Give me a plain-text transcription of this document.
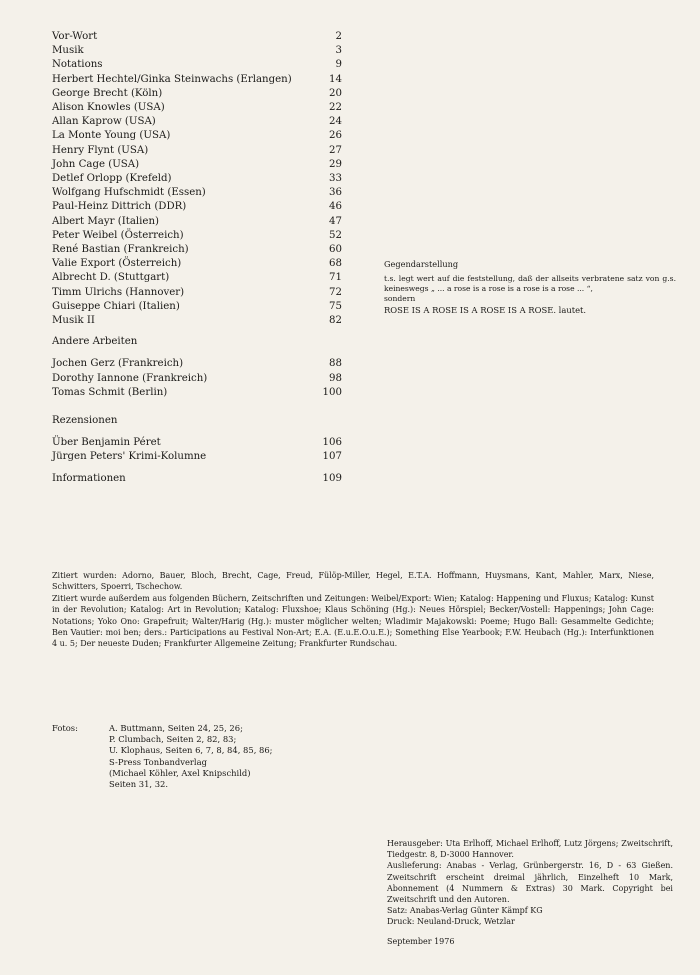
Vor-Wort	2
Musik	3
Notations	9
Herbert Hechtel/Ginka Steinwachs (Erlangen)	14
George Brecht (Köln)	20
Alison Knowles (USA)	22
Allan Kaprow (USA)	24
La Monte Young (USA)	26
Henry Flynt (USA)	27
John Cage (USA)	29
Detlef Orlopp (Krefeld)	33
Wolfgang Hufschmidt (Essen)	36
Paul-Heinz Dittrich (DDR)	46
Albert Mayr (Italien)	47
Peter Weibel (Österreich)	52
René Bastian (Frankreich)	60
Valie Export (Österreich)	68
Albrecht D. (Stuttgart)	71
Timm Ulrichs (Hannover)	72
Guiseppe Chiari (Italien)	75
Musik II	82
Andere Arbeiten
Jochen Gerz (Frankreich)	88
Dorothy Iannone (Frankreich)	98
Tomas Schmit (Berlin)	100
Rezensionen
Über Benjamin Péret	106
Jürgen Peters' Krimi-Kolumne	107
Informationen	109
Gegendarstellung
t.s. legt wert auf die feststellung, daß der allseits verbratene satz von g.s. keineswegs „ ... a rose is a rose is a rose is a rose ... “,
sondern
ROSE IS A ROSE IS A ROSE IS A ROSE. lautet.

Zitiert wurden: Adorno, Bauer, Bloch, Brecht, Cage, Freud, Fülöp-Miller, Hegel, E.T.A. Hoffmann, Huysmans, Kant, Mahler, Marx, Niese, Schwitters, Spoerri, Tschechow.

Zitiert wurde außerdem aus folgenden Büchern, Zeitschriften und Zeitungen: Weibel/Export: Wien; Katalog: Happening und Fluxus; Katalog: Kunst in der Revolution; Katalog: Art in Revolution; Katalog: Fluxshoe; Klaus Schöning (Hg.): Neues Hörspiel; Becker/Vostell: Happenings; John Cage: Notations; Yoko Ono: Grapefruit; Walter/Harig (Hg.): muster möglicher welten; Wladimir Majakowski: Poeme; Hugo Ball: Gesammelte Gedichte; Ben Vautier: moi ben; ders.: Participations au Festival Non-Art; E.A. (E.u.E.O.u.E.); Something Else Yearbook; F.W. Heubach (Hg.): Interfunktionen 4 u. 5; Der neueste Duden; Frankfurter Allgemeine Zeitung; Frankfurter Rundschau.

Fotos:	A. Buttmann, Seiten 24, 25, 26;
P. Clumbach, Seiten 2, 82, 83;
U. Klophaus, Seiten 6, 7, 8, 84, 85, 86;
S-Press Tonbandverlag
(Michael Köhler, Axel Knipschild)
Seiten 31, 32.

Herausgeber: Uta Erlhoff, Michael Erlhoff, Lutz Jörgens; Zweitschrift, Tiedgestr. 8, D-3000 Hannover.

Auslieferung: Anabas - Verlag, Grünbergerstr. 16, D - 63 Gießen. Zweitschrift erscheint dreimal jährlich, Einzelheft 10 Mark, Abonnement (4 Nummern & Extras) 30 Mark. Copyright bei Zweitschrift und den Autoren.

Satz: Anabas-Verlag Günter Kämpf KG

Druck: Neuland-Druck, Wetzlar

September 1976
